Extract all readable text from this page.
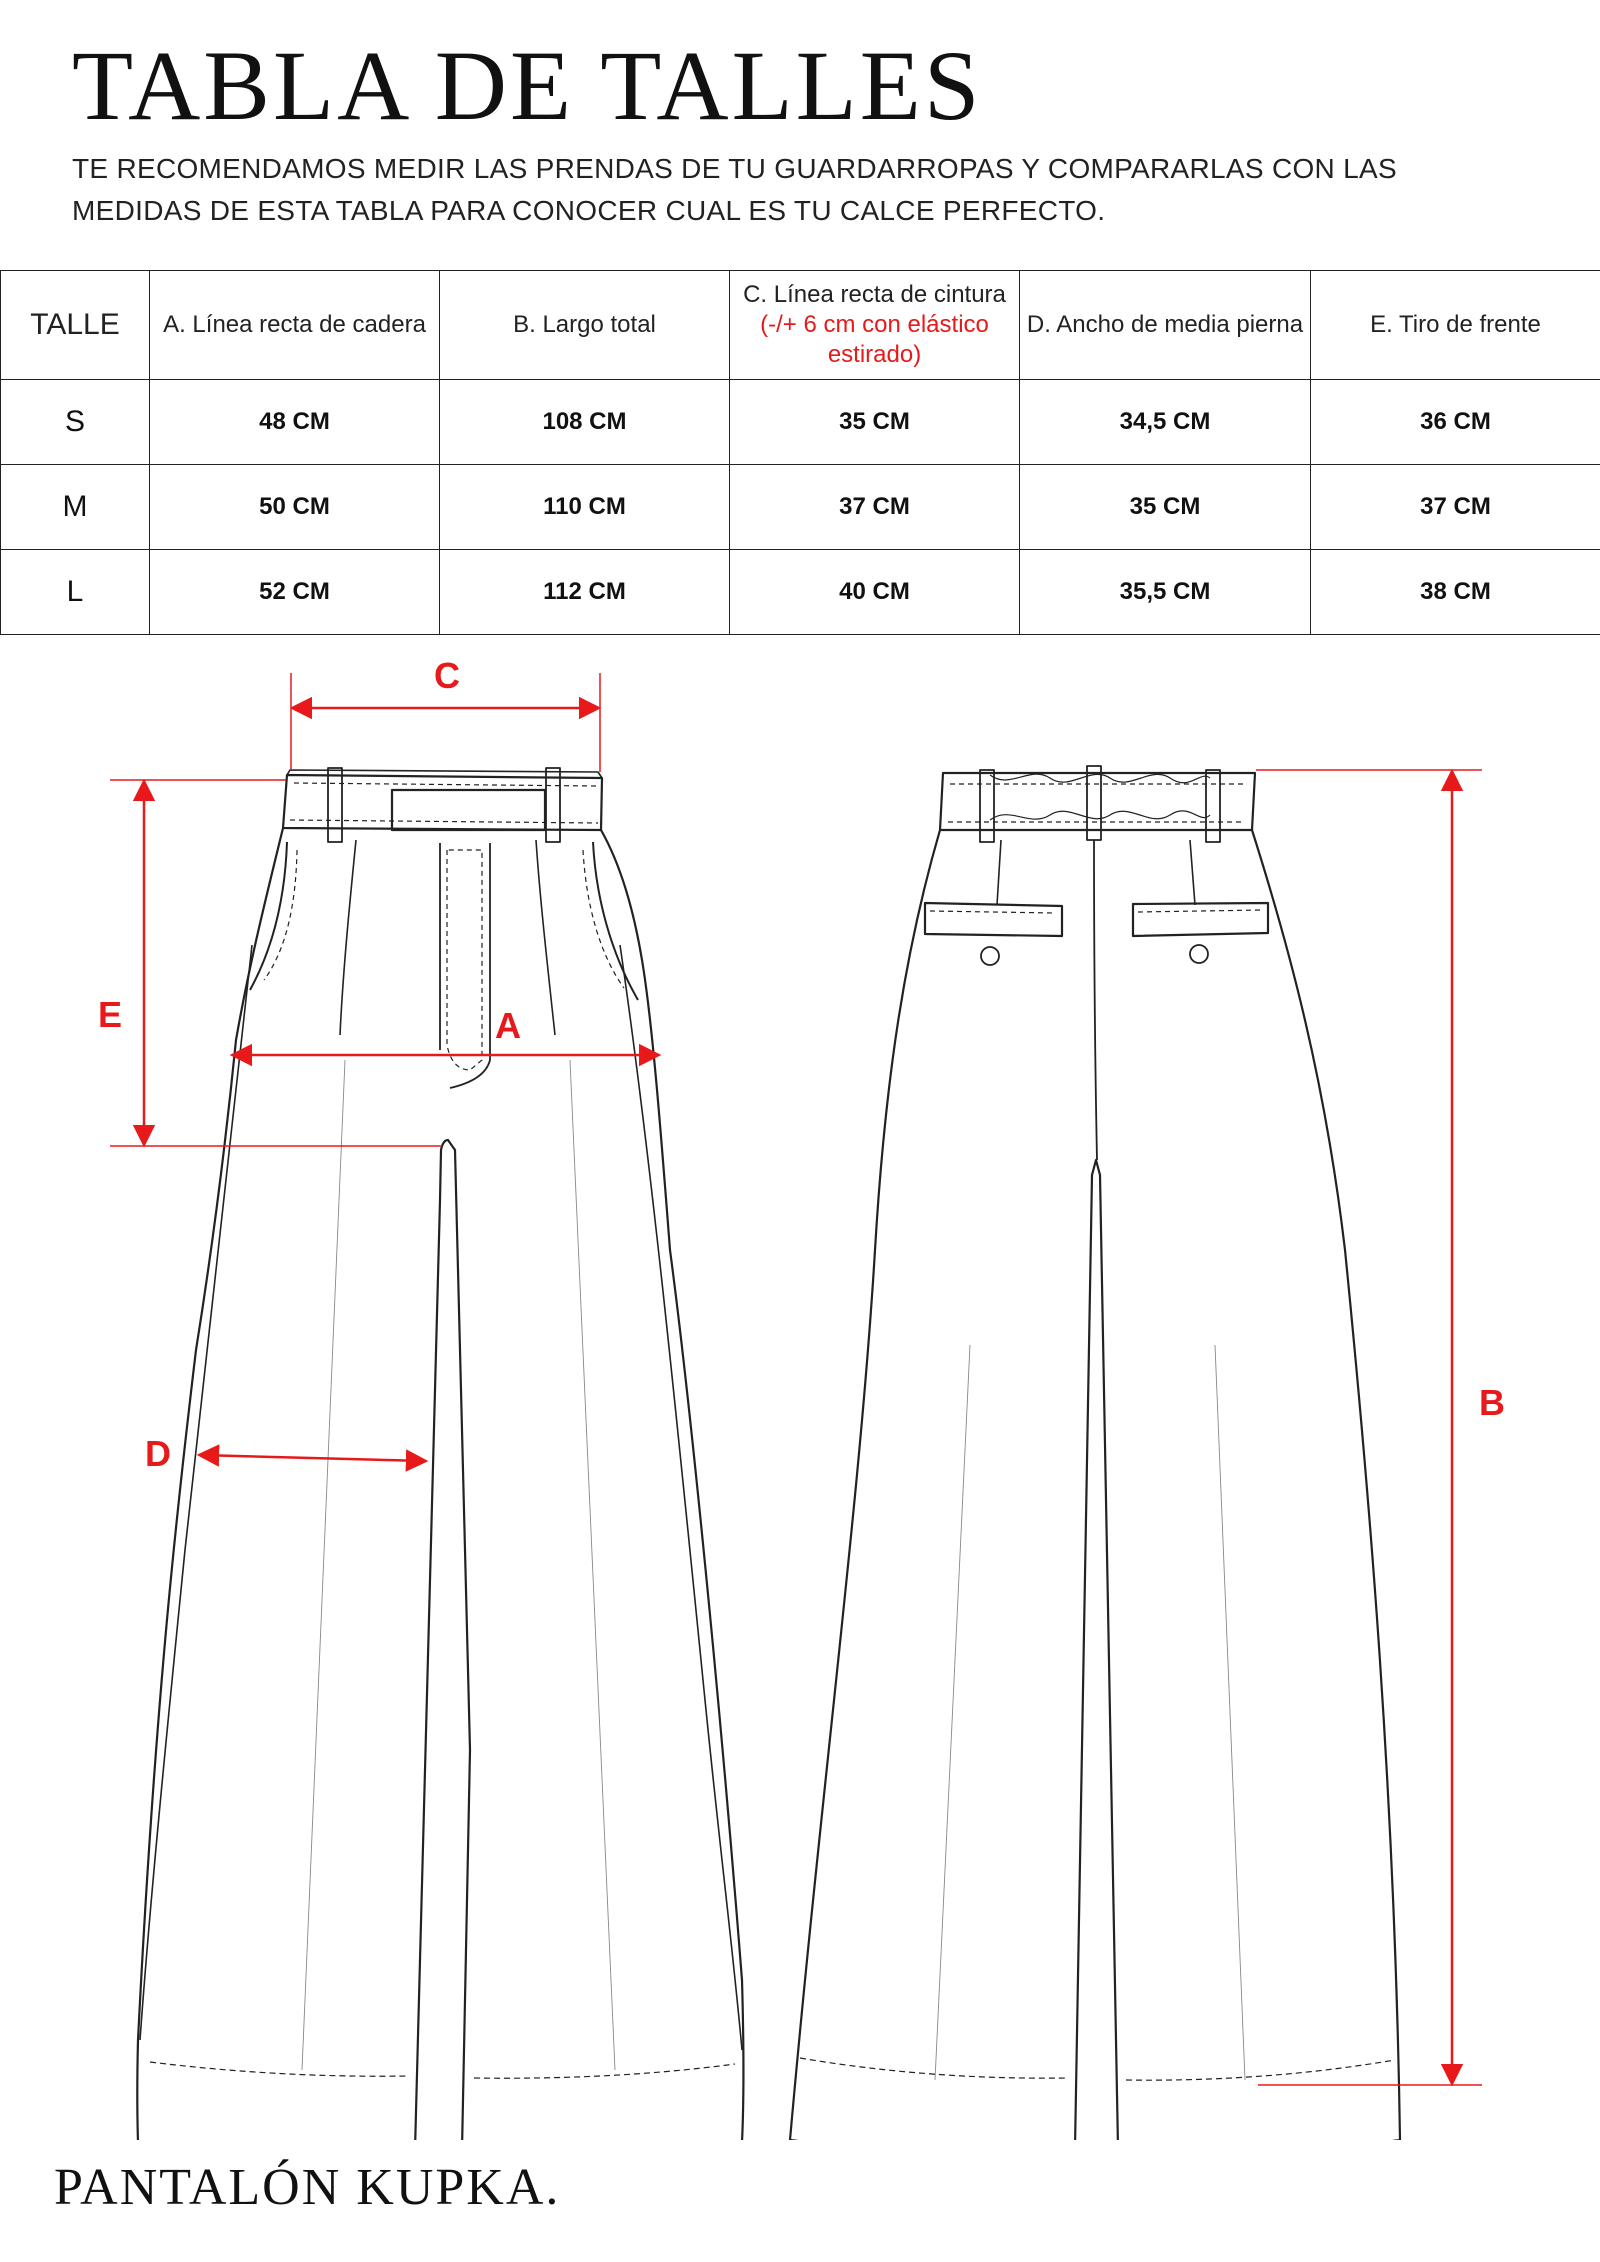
TABLA DE TALLES

TE RECOMENDAMOS MEDIR LAS PRENDAS DE TU GUARDARROPAS Y COMPARARLAS CON LAS MEDIDAS DE ESTA TABLA PARA CONOCER CUAL ES TU CALCE PERFECTO.

TALLE	A. Línea recta de cadera	B. Largo total	C. Línea recta de cintura (-/+ 6 cm con elástico estirado)	D. Ancho de media pierna	E. Tiro de frente
S	48 CM	108 CM	35 CM	34,5 CM	36 CM
M	50 CM	110 CM	37 CM	35 CM	37 CM
L	52 CM	112 CM	40 CM	35,5 CM	38 CM
C
A
E
D
B
PANTALÓN KUPKA.
